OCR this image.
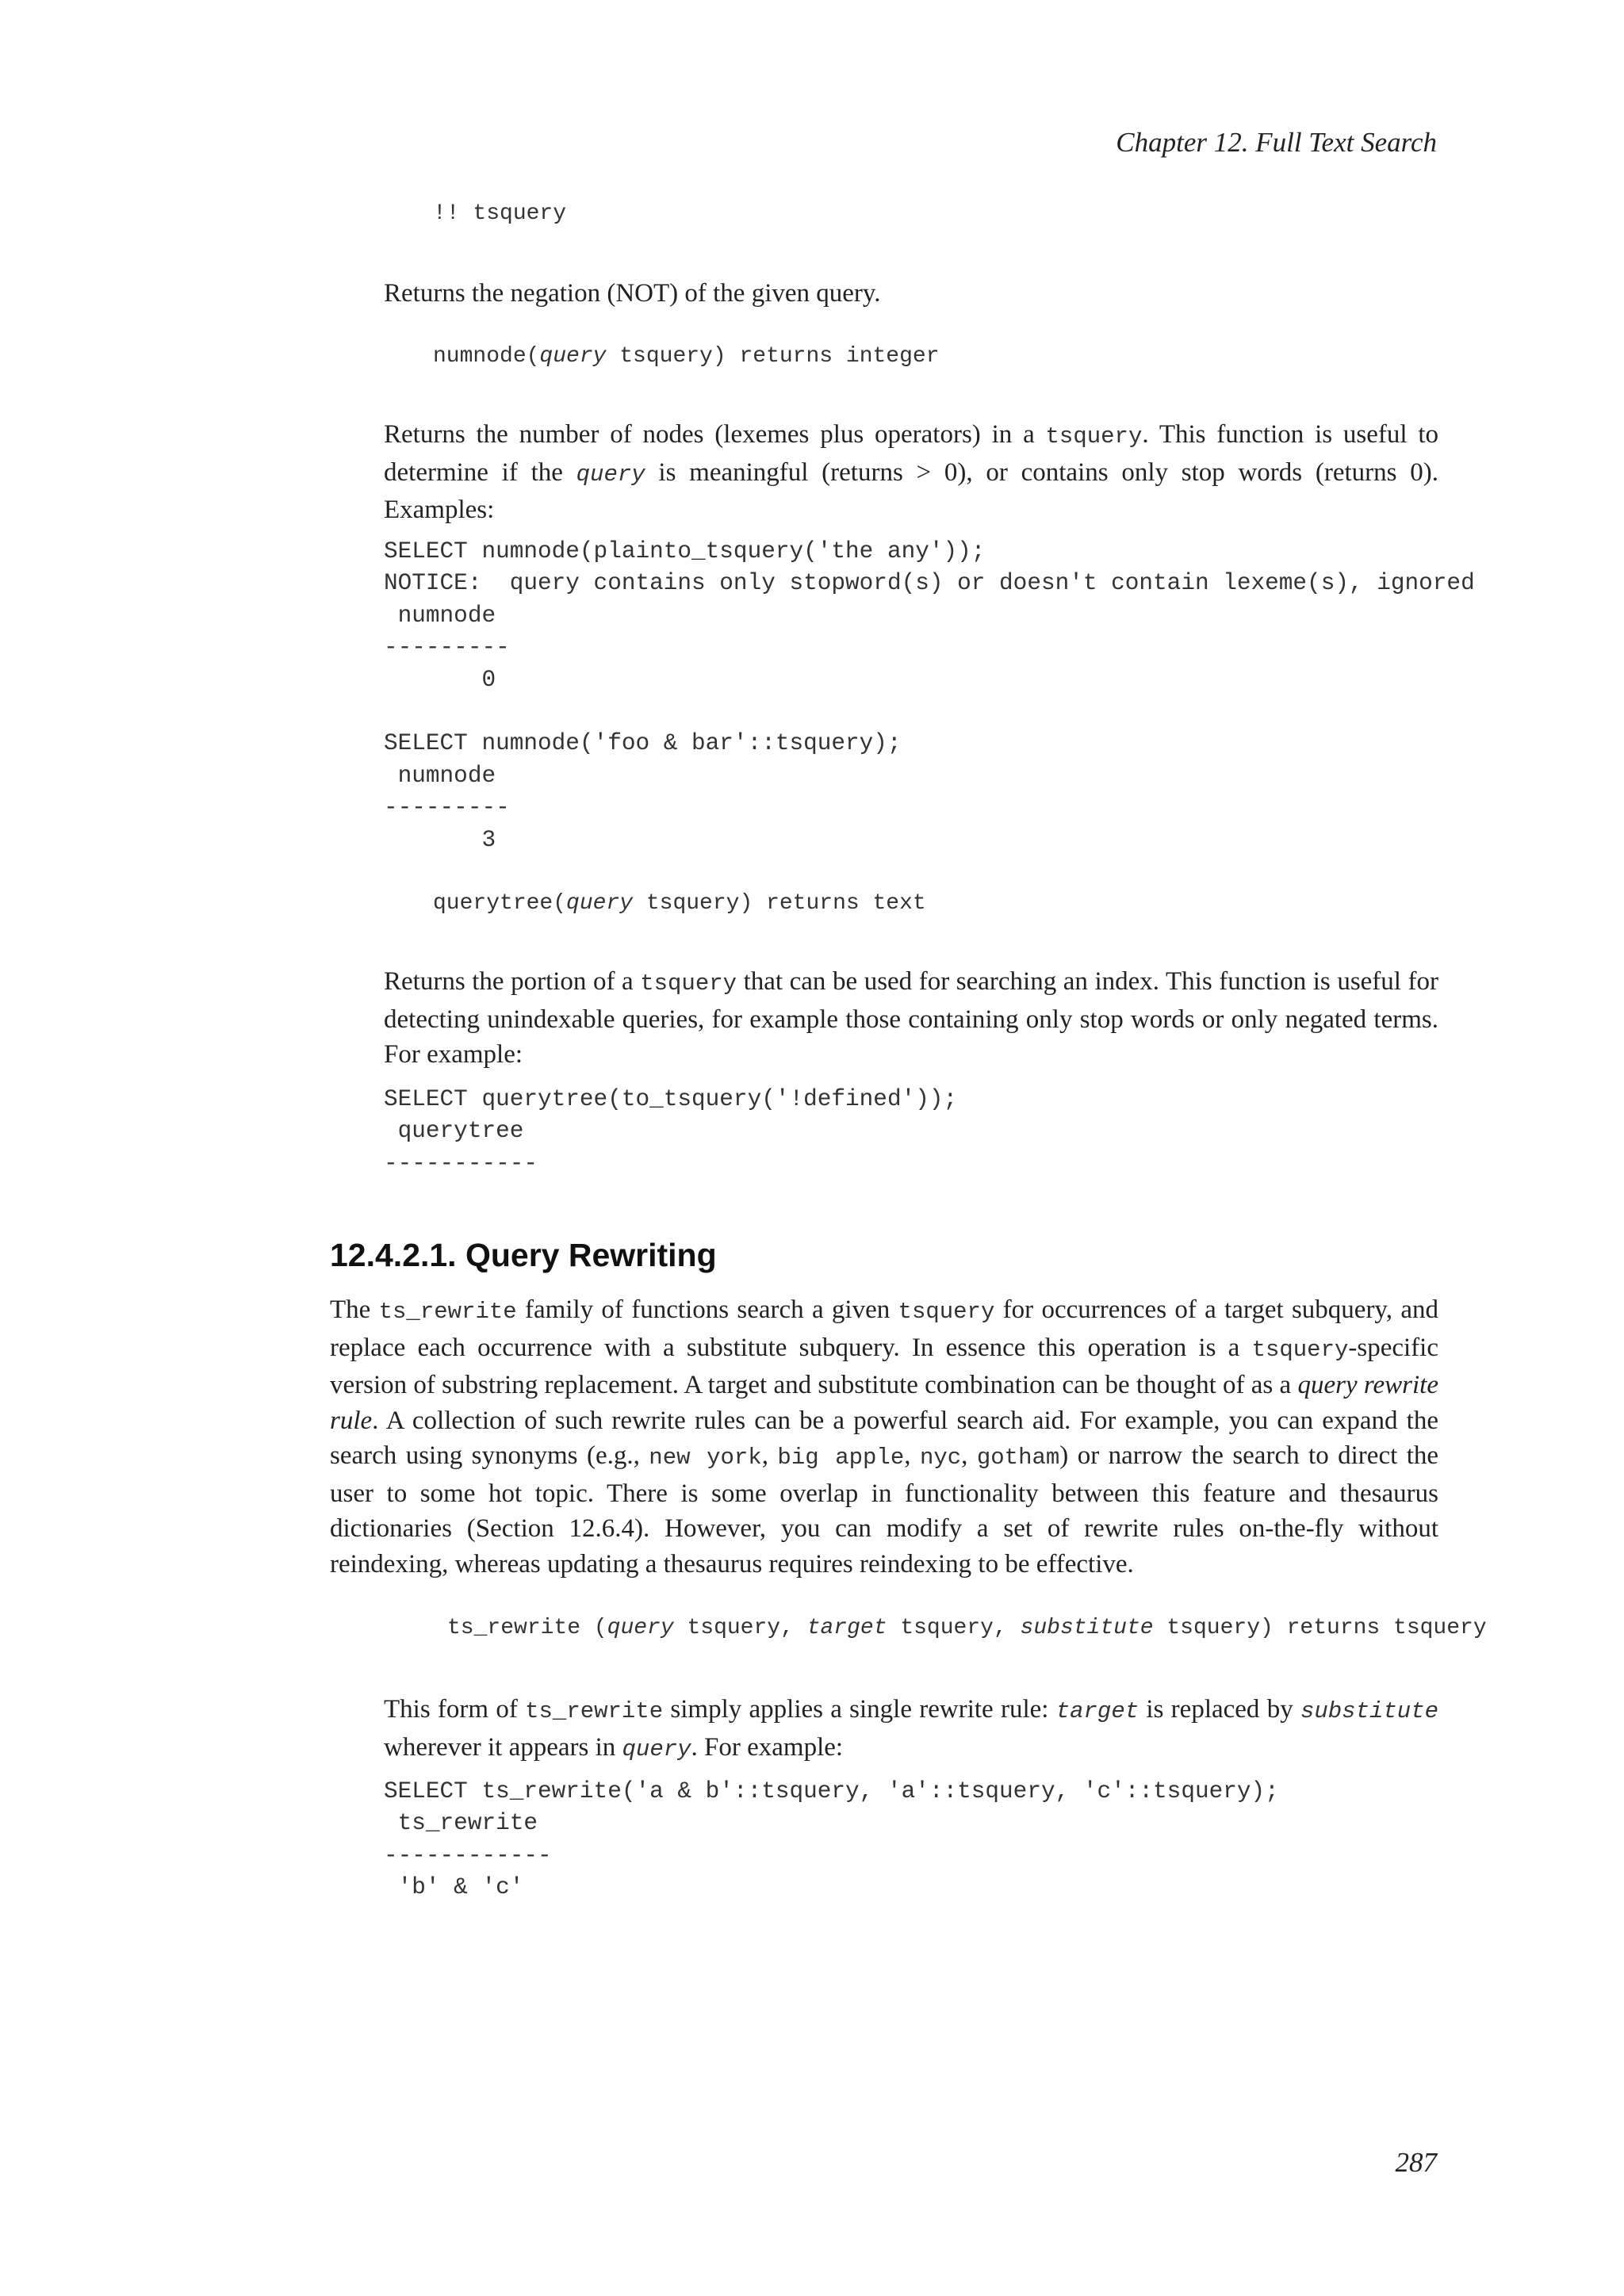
Chapter 12. Full Text Search
!! tsquery

Returns the negation (NOT) of the given query.

numnode(query tsquery) returns integer

Returns the number of nodes (lexemes plus operators) in a tsquery. This function is useful to determine if the query is meaningful (returns > 0), or contains only stop words (returns 0). Examples:

SELECT numnode(plainto_tsquery('the any'));
NOTICE:  query contains only stopword(s) or doesn't contain lexeme(s), ignored
numnode
---------
0

SELECT numnode('foo & bar'::tsquery);
numnode
---------
3
querytree(query tsquery) returns text

Returns the portion of a tsquery that can be used for searching an index. This function is useful for detecting unindexable queries, for example those containing only stop words or only negated terms. For example:

SELECT querytree(to_tsquery('!defined'));
querytree
-----------
12.4.2.1. Query Rewriting

The ts_rewrite family of functions search a given tsquery for occurrences of a target subquery, and replace each occurrence with a substitute subquery. In essence this operation is a tsquery-specific version of substring replacement. A target and substitute combination can be thought of as a query rewrite rule. A collection of such rewrite rules can be a powerful search aid. For example, you can expand the search using synonyms (e.g., new york, big apple, nyc, gotham) or narrow the search to direct the user to some hot topic. There is some overlap in functionality between this feature and thesaurus dictionaries (Section 12.6.4). However, you can modify a set of rewrite rules on-the-fly without reindexing, whereas updating a thesaurus requires reindexing to be effective.

ts_rewrite (query tsquery, target tsquery, substitute tsquery) returns tsquery

This form of ts_rewrite simply applies a single rewrite rule: target is replaced by substitute wherever it appears in query. For example:

SELECT ts_rewrite('a & b'::tsquery, 'a'::tsquery, 'c'::tsquery);
ts_rewrite
------------
'b' & 'c'
287
